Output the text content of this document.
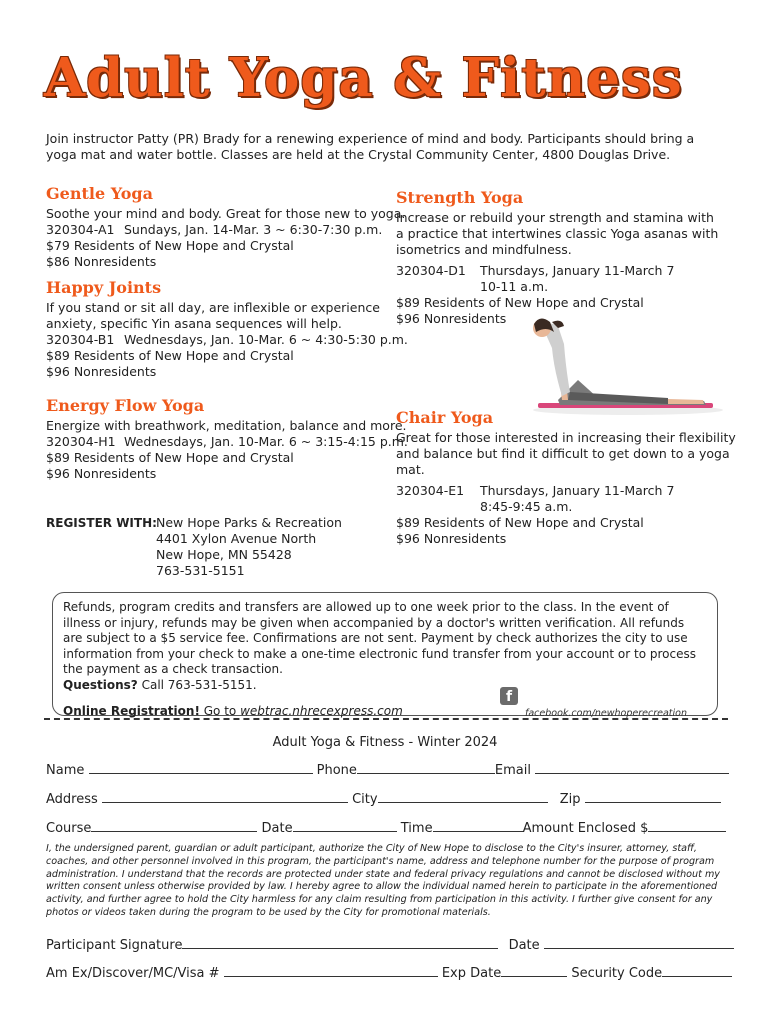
Adult Yoga & Fitness
Join instructor Patty (PR) Brady for a renewing experience of mind and body. Participants should bring a
yoga mat and water bottle. Classes are held at the Crystal Community Center, 4800 Douglas Drive.
Gentle Yoga
Soothe your mind and body. Great for those new to yoga.
320304-A1 Sundays, Jan. 14-Mar. 3 ~ 6:30-7:30 p.m.
$79 Residents of New Hope and Crystal
$86 Nonresidents
Happy Joints
If you stand or sit all day, are inflexible or experience
anxiety, specific Yin asana sequences will help.
320304-B1 Wednesdays, Jan. 10-Mar. 6 ~ 4:30-5:30 p.m.
$89 Residents of New Hope and Crystal
$96 Nonresidents
Energy Flow Yoga
Energize with breathwork, meditation, balance and more.
320304-H1 Wednesdays, Jan. 10-Mar. 6 ~ 3:15-4:15 p.m.
$89 Residents of New Hope and Crystal
$96 Nonresidents
REGISTER WITH: New Hope Parks & Recreation
4401 Xylon Avenue North
New Hope, MN 55428
763-531-5151
Strength Yoga
Increase or rebuild your strength and stamina with
a practice that intertwines classic Yoga asanas with
isometrics and mindfulness.
320304-D1 Thursdays, January 11-March 7
10-11 a.m.
$89 Residents of New Hope and Crystal
$96 Nonresidents
Chair Yoga
Great for those interested in increasing their flexibility
and balance but find it difficult to get down to a yoga
mat.
320304-E1 Thursdays, January 11-March 7
8:45-9:45 a.m.
$89 Residents of New Hope and Crystal
$96 Nonresidents
Refunds, program credits and transfers are allowed up to one week prior to the class. In the event of illness or injury, refunds may be given when accompanied by a doctor's written verification. All refunds are subject to a $5 service fee. Confirmations are not sent. Payment by check authorizes the city to use information from your check to make a one-time electronic fund transfer from your account or to process the payment as a check transaction.
Questions? Call 763-531-5151.
Online Registration! Go to webtrac.nhrecexpress.com	facebook.com/newhoperecreation
f
Adult Yoga & Fitness - Winter 2024
Name	Phone	Email
Address	City	Zip
Course	Date	Time	Amount Enclosed $
I, the undersigned parent, guardian or adult participant, authorize the City of New Hope to disclose to the City's insurer, attorney, staff, coaches, and other personnel involved in this program, the participant's name, address and telephone number for the purpose of program administration. I understand that the records are protected under state and federal privacy regulations and cannot be disclosed without my written consent unless otherwise provided by law. I hereby agree to allow the individual named herein to participate in the aforementioned activity, and further agree to hold the City harmless for any claim resulting from participation in this activity. I further give consent for any photos or videos taken during the program to be used by the City for promotional materials.
Participant Signature	Date
Am Ex/Discover/MC/Visa #	Exp Date	Security Code
